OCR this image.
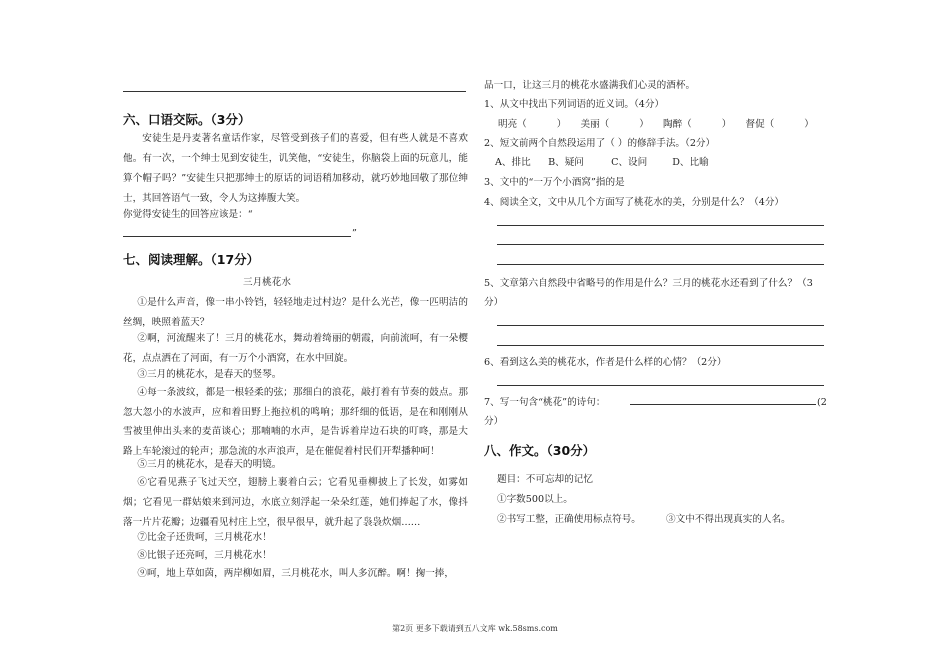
六、口语交际。（3分）
安徒生是丹麦著名童话作家，尽管受到孩子们的喜爱，但有些人就是不喜欢他。有一次，一个绅士见到安徒生，讥笑他，“安徒生，你脑袋上面的玩意儿，能算个帽子吗？”安徒生只把那绅士的原话的词语稍加移动，就巧妙地回敬了那位绅士，其回答语气一致，令人为这捧腹大笑。
你觉得安徒生的回答应该是：“
”
七、阅读理解。（17分）
三月桃花水
①是什么声音，像一串小铃铛，轻轻地走过村边？是什么光芒，像一匹明洁的丝绸，映照着蓝天？
②啊，河流醒来了！三月的桃花水，舞动着绮丽的朝霞，向前流呵，有一朵樱花，点点洒在了河面，有一万个小酒窝，在水中回旋。
③三月的桃花水，是春天的竖琴。
④每一条波纹，都是一根轻柔的弦；那细白的浪花，敲打着有节奏的鼓点。那忽大忽小的水波声，应和着田野上拖拉机的鸣响；那纤细的低语，是在和刚刚从雪被里伸出头来的麦苗谈心；那喃喃的水声，是告诉着岸边石块的叮咚，那是大路上车轮滚过的轮声；那急流的水声浪声，是在催促着村民们开犁播种呵！
⑤三月的桃花水，是春天的明镜。
⑥它看见燕子飞过天空，翅膀上裹着白云；它看见垂柳披上了长发，如雾如烟；它看见一群姑娘来到河边，水底立刻浮起一朵朵红莲，她们捧起了水，像抖落一片片花瓣；边疆看见村庄上空，很早很早，就升起了袅袅炊烟……
⑦比金子还贵呵，三月桃花水！
⑧比银子还亮呵，三月桃花水！
⑨呵，地上草如茵，两岸柳如眉，三月桃花水，叫人多沉醉。啊！掬一捧，
品一口，让这三月的桃花水盛满我们心灵的酒杯。
1、从文中找出下列词语的近义词。（4分）
明亮（	） 美丽（	） 陶醉（	） 督促（	）
2、短文前两个自然段运用了（ ）的修辞手法。（2分）
A、排比 B、疑问	C、设问	D、比喻
3、文中的“一万个小酒窝”指的是
4、阅读全文，文中从几个方面写了桃花水的美，分别是什么？（4分）
5、文章第六自然段中省略号的作用是什么？三月的桃花水还看到了什么？（3
分）
6、看到这么美的桃花水，作者是什么样的心情？（2分）
7、写一句含“桃花”的诗句：	(2
分）
八、作文。（30分）
题目：不可忘却的记忆
①字数500以上。
②书写工整，正确使用标点符号。	③文中不得出现真实的人名。
第2页 更多下载请到五八文库 wk.58sms.com
